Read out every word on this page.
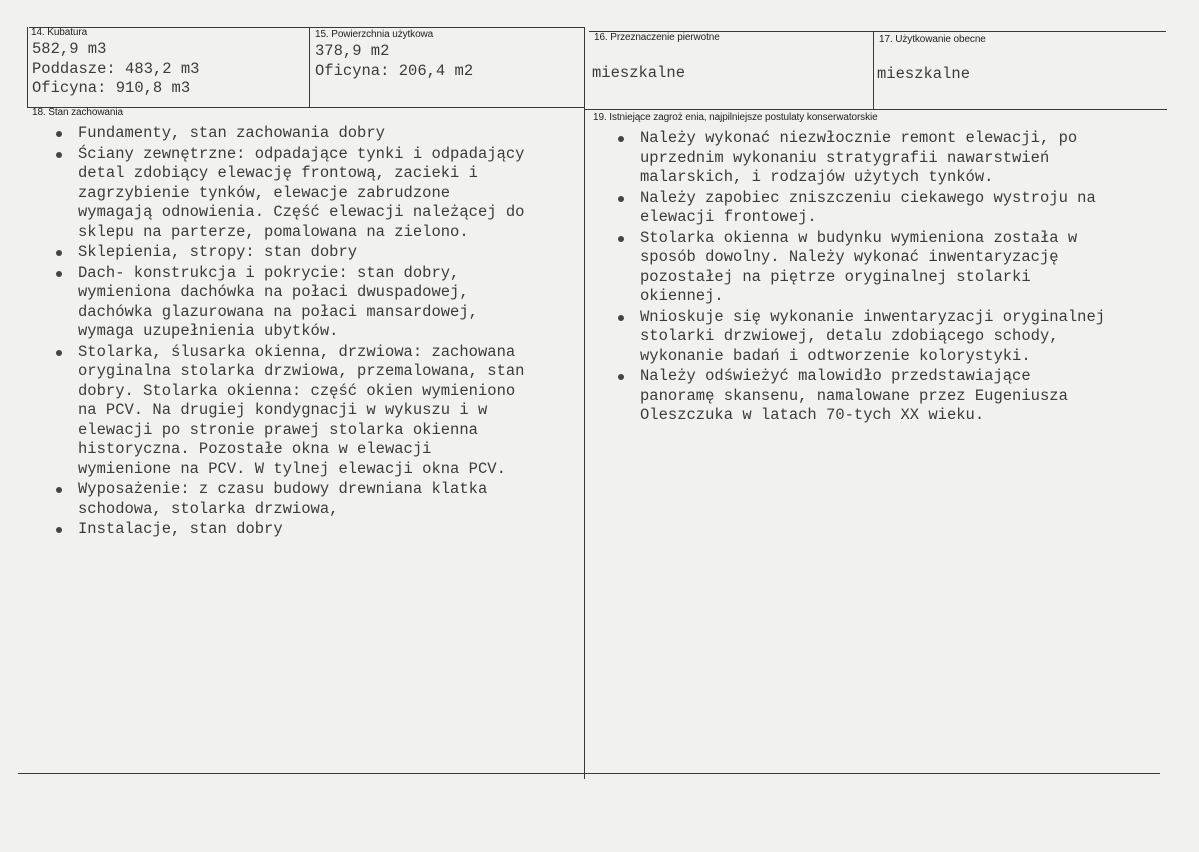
14. Kubatura
582,9 m3
Poddasze: 483,2 m3
Oficyna: 910,8 m3
15. Powierzchnia użytkowa
378,9 m2
Oficyna: 206,4 m2
16. Przeznaczenie pierwotne
mieszkalne
17. Użytkowanie obecne
mieszkalne
18. Stan zachowania
Fundamenty, stan zachowania dobry
Ściany zewnętrzne: odpadające tynki i odpadający
detal zdobiący elewację frontową, zacieki i
zagrzybienie tynków, elewacje zabrudzone
wymagają odnowienia. Część elewacji należącej do
sklepu na parterze, pomalowana na zielono.
Sklepienia, stropy: stan dobry
Dach- konstrukcja i pokrycie: stan dobry,
wymieniona dachówka na połaci dwuspadowej,
dachówka glazurowana na połaci mansardowej,
wymaga uzupełnienia ubytków.
Stolarka, ślusarka okienna, drzwiowa: zachowana
oryginalna stolarka drzwiowa, przemalowana, stan
dobry. Stolarka okienna: część okien wymieniono
na PCV. Na drugiej kondygnacji w wykuszu i w
elewacji po stronie prawej stolarka okienna
historyczna. Pozostałe okna w elewacji
wymienione na PCV. W tylnej elewacji okna PCV.
Wyposażenie: z czasu budowy drewniana klatka
schodowa, stolarka drzwiowa,
Instalacje, stan dobry
19. Istniejące zagroż enia, najpilniejsze postulaty konserwatorskie
Należy wykonać niezwłocznie remont elewacji, po
uprzednim wykonaniu stratygrafii nawarstwień
malarskich, i rodzajów użytych tynków.
Należy zapobiec zniszczeniu ciekawego wystroju na
elewacji frontowej.
Stolarka okienna w budynku wymieniona została w
sposób dowolny. Należy wykonać inwentaryzację
pozostałej na piętrze oryginalnej stolarki
okiennej.
Wnioskuje się wykonanie inwentaryzacji oryginalnej
stolarki drzwiowej, detalu zdobiącego schody,
wykonanie badań i odtworzenie kolorystyki.
Należy odświeżyć malowidło przedstawiające
panoramę skansenu, namalowane przez Eugeniusza
Oleszczuka w latach 70-tych XX wieku.
